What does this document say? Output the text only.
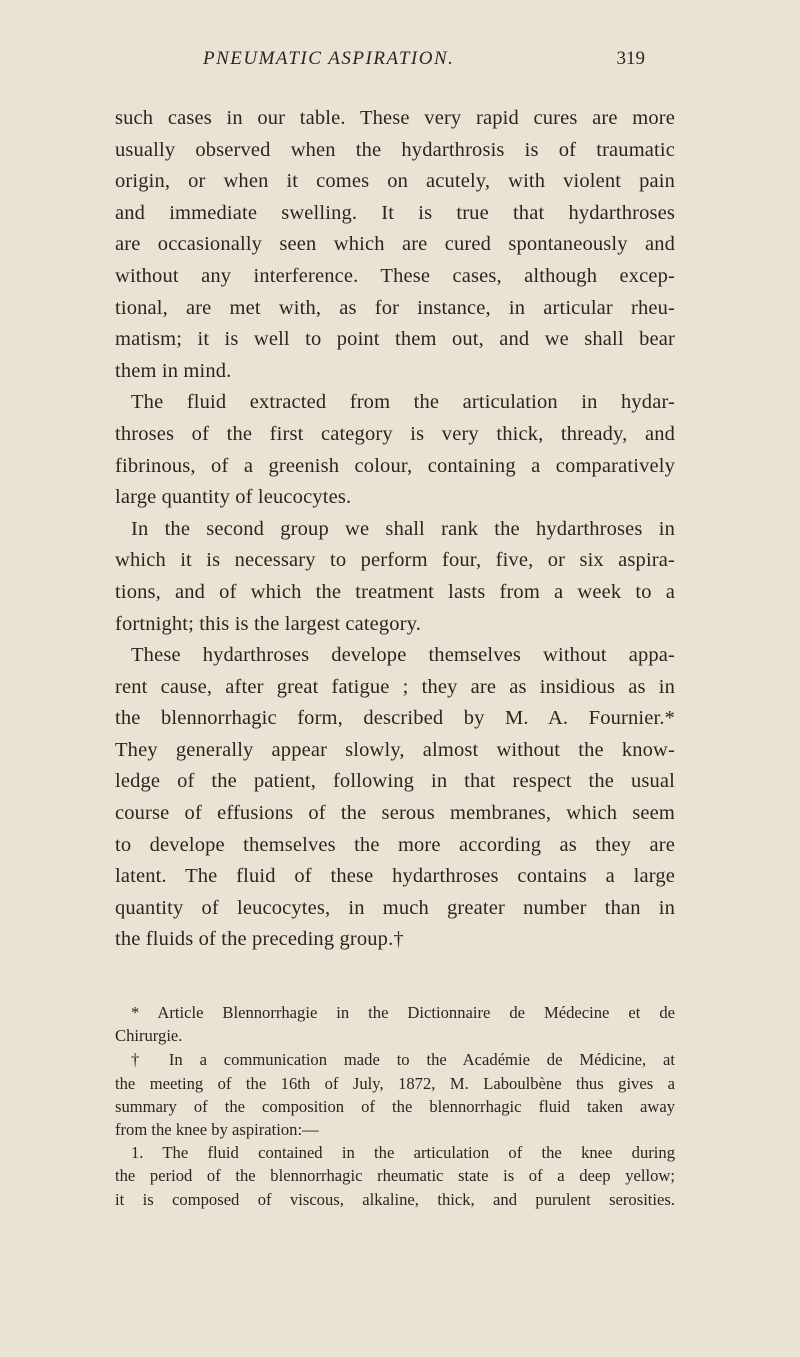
PNEUMATIC ASPIRATION.	319
such cases in our table. These very rapid cures are more
usually observed when the hydarthrosis is of traumatic
origin, or when it comes on acutely, with violent pain
and immediate swelling. It is true that hydarthroses
are occasionally seen which are cured spontaneously and
without any interference. These cases, although excep-
tional, are met with, as for instance, in articular rheu-
matism; it is well to point them out, and we shall bear
them in mind.
The fluid extracted from the articulation in hydar-
throses of the first category is very thick, thready, and
fibrinous, of a greenish colour, containing a comparatively
large quantity of leucocytes.
In the second group we shall rank the hydarthroses in
which it is necessary to perform four, five, or six aspira-
tions, and of which the treatment lasts from a week to a
fortnight; this is the largest category.
These hydarthroses develope themselves without appa-
rent cause, after great fatigue ; they are as insidious as in
the blennorrhagic form, described by M. A. Fournier.*
They generally appear slowly, almost without the know-
ledge of the patient, following in that respect the usual
course of effusions of the serous membranes, which seem
to develope themselves the more according as they are
latent. The fluid of these hydarthroses contains a large
quantity of leucocytes, in much greater number than in
the fluids of the preceding group.†
* Article Blennorrhagie in the Dictionnaire de Médecine et de
Chirurgie.
† In a communication made to the Académie de Médicine, at
the meeting of the 16th of July, 1872, M. Laboulbène thus gives a
summary of the composition of the blennorrhagic fluid taken away
from the knee by aspiration:—
1. The fluid contained in the articulation of the knee during
the period of the blennorrhagic rheumatic state is of a deep yellow;
it is composed of viscous, alkaline, thick, and purulent serosities.
